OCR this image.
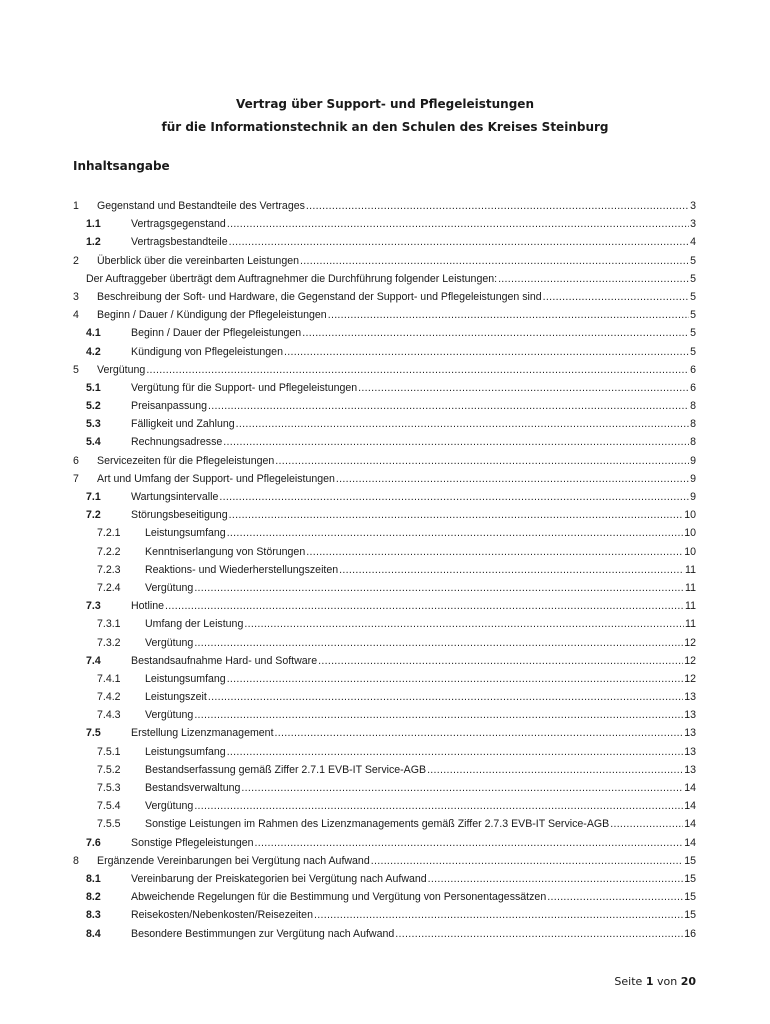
Vertrag über Support- und Pflegeleistungen
für die Informationstechnik an den Schulen des Kreises Steinburg
Inhaltsangabe
1 Gegenstand und Bestandteile des Vertrages .....	3
1.1	Vertragsgegenstand .....	3
1.2	Vertragsbestandteile .....	4
2 Überblick über die vereinbarten Leistungen .....	5
Der Auftraggeber überträgt dem Auftragnehmer die Durchführung folgender Leistungen: .....	5
3 Beschreibung der Soft- und Hardware, die Gegenstand der Support- und Pflegeleistungen sind .....	5
4 Beginn / Dauer / Kündigung der Pflegeleistungen .....	5
4.1	Beginn / Dauer der Pflegeleistungen .....	5
4.2	Kündigung von Pflegeleistungen .....	5
5 Vergütung .....	6
5.1	Vergütung für die Support- und Pflegeleistungen .....	6
5.2	Preisanpassung .....	8
5.3	Fälligkeit und Zahlung .....	8
5.4	Rechnungsadresse .....	8
6 Servicezeiten für die Pflegeleistungen .....	9
7 Art und Umfang der Support- und Pflegeleistungen .....	9
7.1	Wartungsintervalle .....	9
7.2	Störungsbeseitigung .....	10
7.2.1 Leistungsumfang .....	10
7.2.2 Kenntniserlangung von Störungen .....	10
7.2.3 Reaktions- und Wiederherstellungszeiten .....	11
7.2.4 Vergütung .....	11
7.3	Hotline .....	11
7.3.1 Umfang der Leistung .....	11
7.3.2 Vergütung .....	12
7.4	Bestandsaufnahme Hard- und Software .....	12
7.4.1 Leistungsumfang .....	12
7.4.2 Leistungszeit .....	13
7.4.3 Vergütung .....	13
7.5	Erstellung Lizenzmanagement .....	13
7.5.1 Leistungsumfang .....	13
7.5.2 Bestandserfassung gemäß Ziffer 2.7.1 EVB-IT Service-AGB .....	13
7.5.3 Bestandsverwaltung .....	14
7.5.4 Vergütung .....	14
7.5.5 Sonstige Leistungen im Rahmen des Lizenzmanagements gemäß Ziffer 2.7.3 EVB-IT Service-AGB .....	14
7.6	Sonstige Pflegeleistungen .....	14
8 Ergänzende Vereinbarungen bei Vergütung nach Aufwand .....	15
8.1	Vereinbarung der Preiskategorien bei Vergütung nach Aufwand .....	15
8.2	Abweichende Regelungen für die Bestimmung und Vergütung von Personentagessätzen .....	15
8.3	Reisekosten/Nebenkosten/Reisezeiten .....	15
8.4	Besondere Bestimmungen zur Vergütung nach Aufwand .....	16
Seite 1 von 20
